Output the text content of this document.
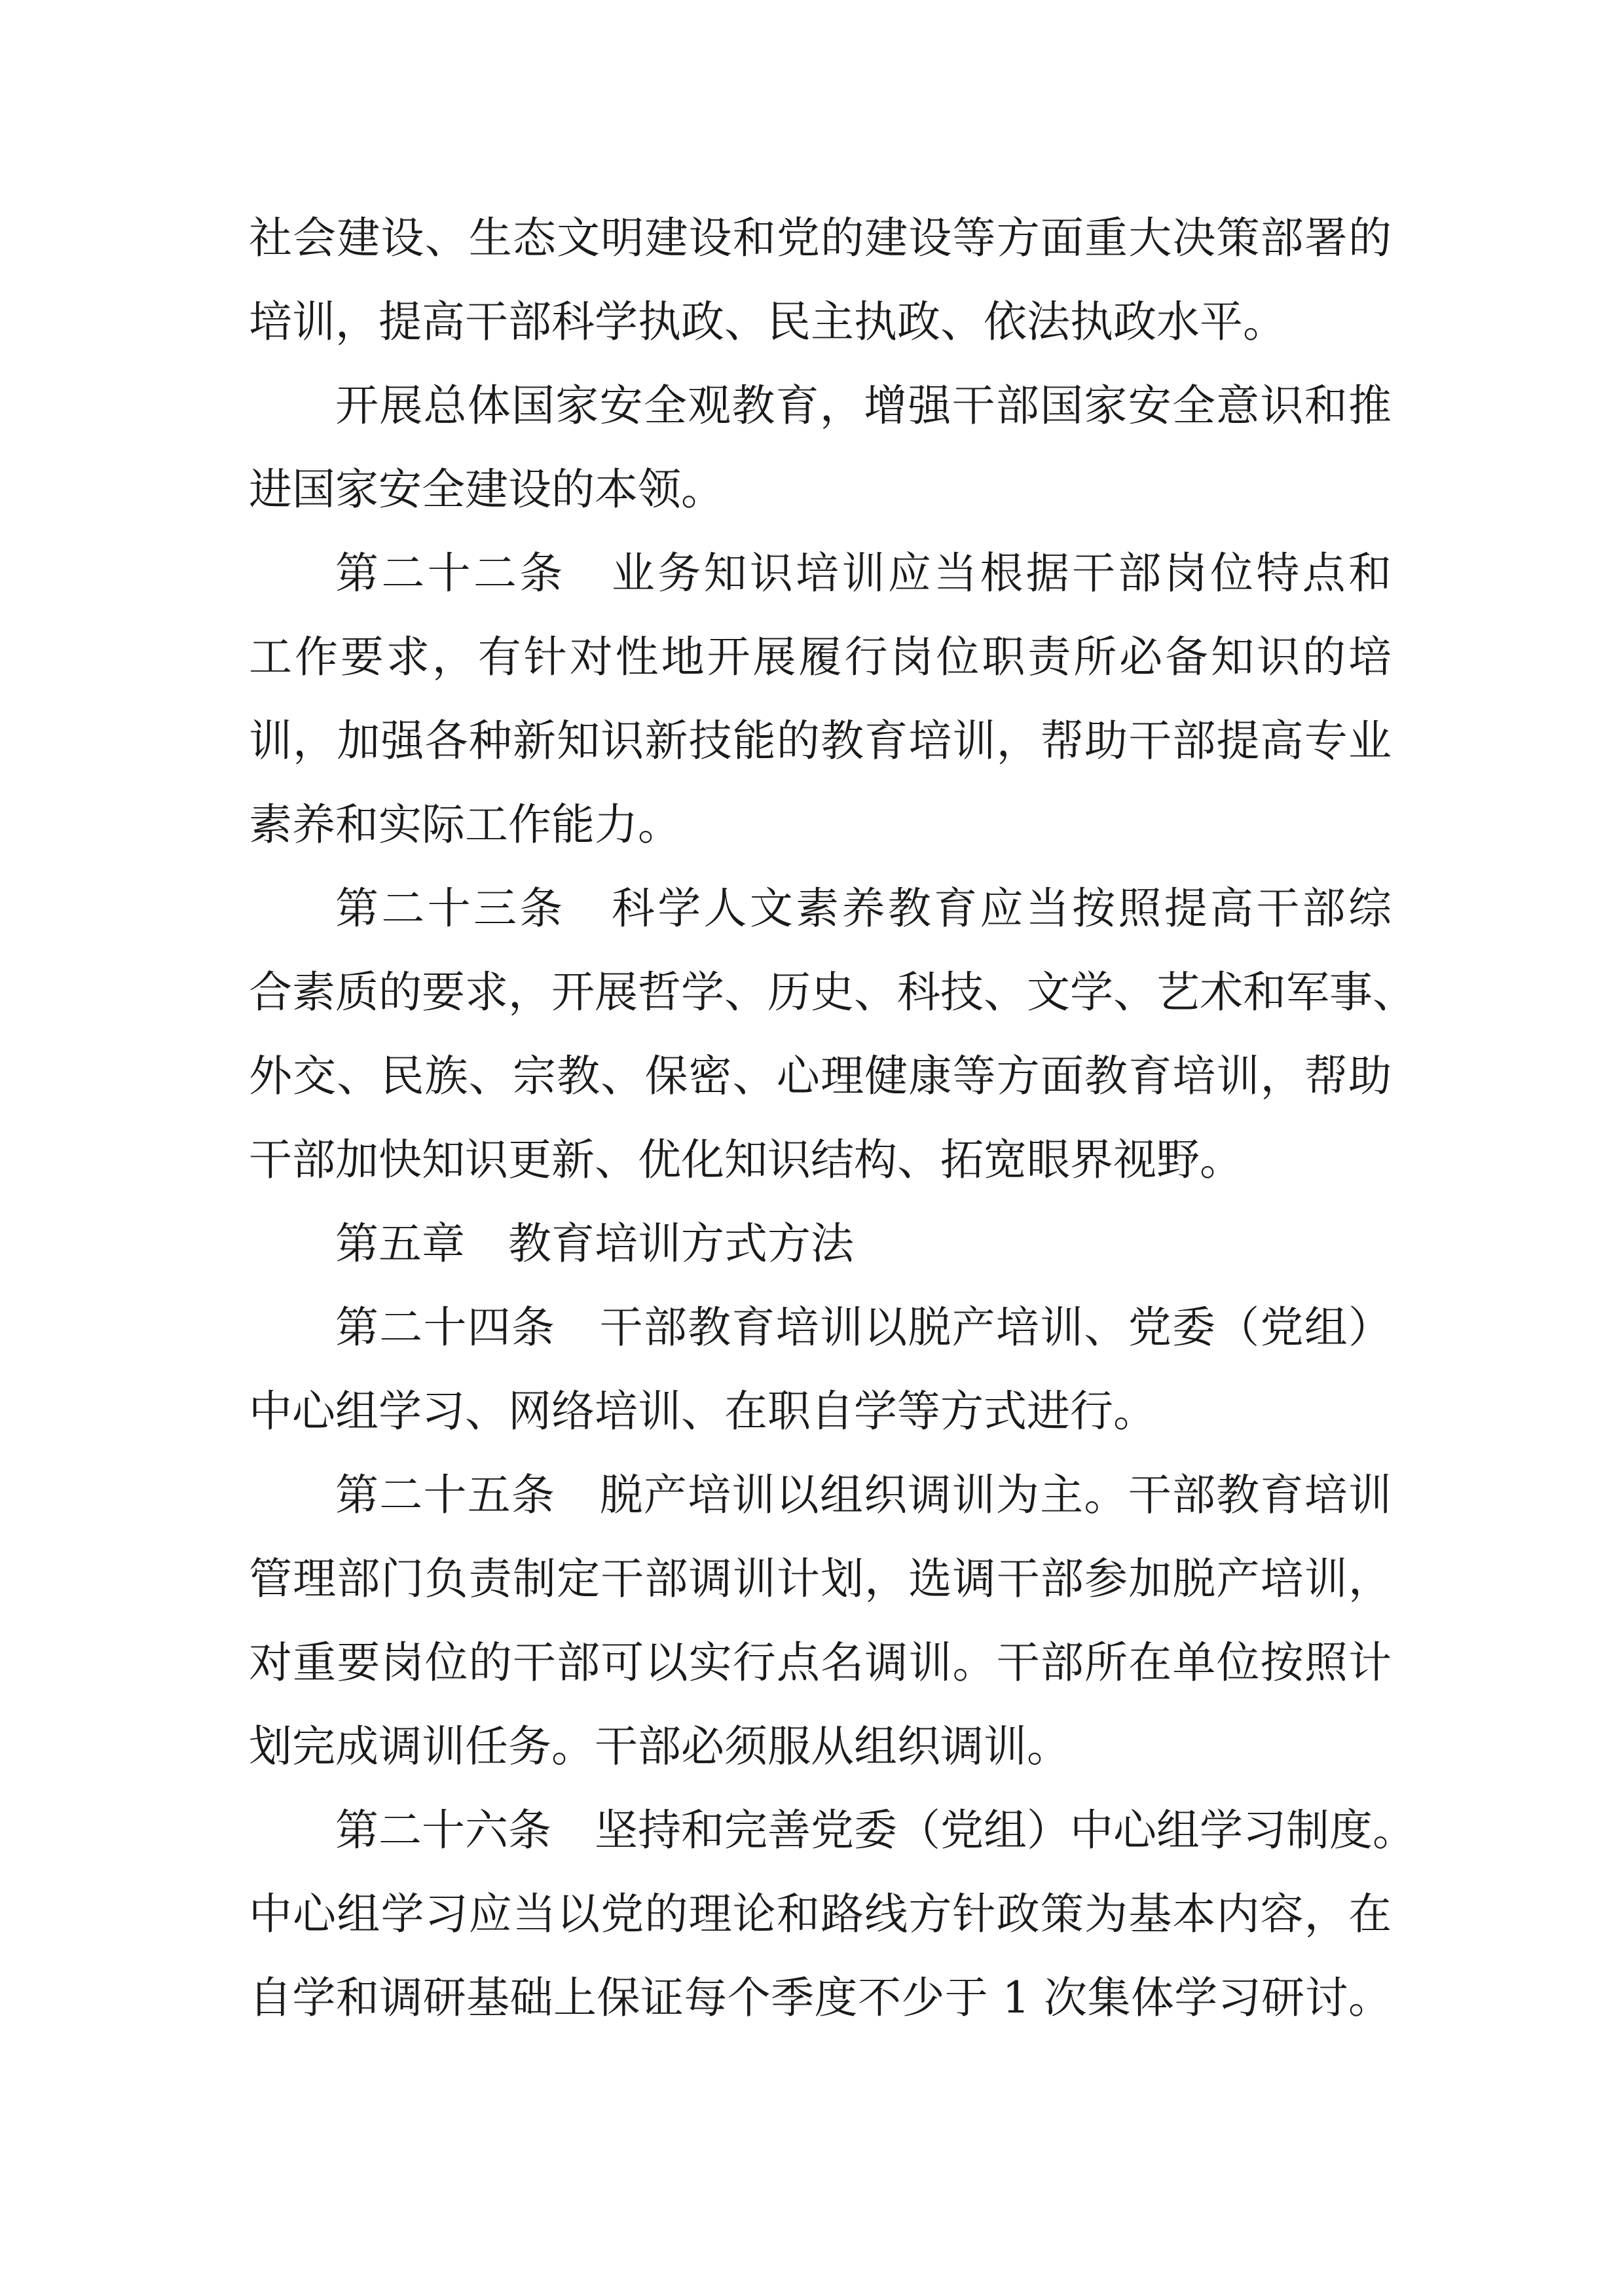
社会建设、生态文明建设和党的建设等方面重大决策部署的
培训，提高干部科学执政、民主执政、依法执政水平。
开展总体国家安全观教育，增强干部国家安全意识和推
进国家安全建设的本领。
第二十二条　业务知识培训应当根据干部岗位特点和
工作要求，有针对性地开展履行岗位职责所必备知识的培
训，加强各种新知识新技能的教育培训，帮助干部提高专业
素养和实际工作能力。
第二十三条　科学人文素养教育应当按照提高干部综
合素质的要求，开展哲学、历史、科技、文学、艺术和军事、
外交、民族、宗教、保密、心理健康等方面教育培训，帮助
干部加快知识更新、优化知识结构、拓宽眼界视野。
第五章　教育培训方式方法
第二十四条　干部教育培训以脱产培训、党委（党组）
中心组学习、网络培训、在职自学等方式进行。
第二十五条　脱产培训以组织调训为主。干部教育培训
管理部门负责制定干部调训计划，选调干部参加脱产培训，
对重要岗位的干部可以实行点名调训。干部所在单位按照计
划完成调训任务。干部必须服从组织调训。
第二十六条　坚持和完善党委（党组）中心组学习制度。
中心组学习应当以党的理论和路线方针政策为基本内容，在
自学和调研基础上保证每个季度不少于 1 次集体学习研讨。
